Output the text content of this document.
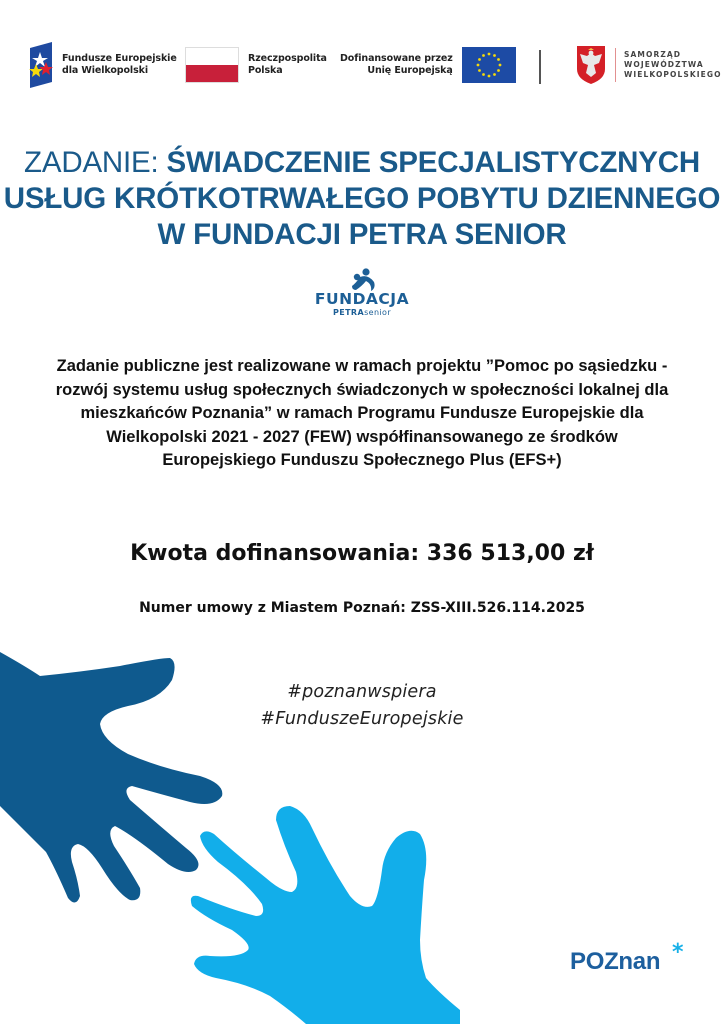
Fundusze Europejskie
dla Wielkopolski
Rzeczpospolita
Polska
Dofinansowane przez
Unię Europejską
SAMORZĄD
WOJEWÓDZTWA
WIELKOPOLSKIEGO
ZADANIE: ŚWIADCZENIE SPECJALISTYCZNYCH
USŁUG KRÓTKOTRWAŁEGO POBYTU DZIENNEGO
W FUNDACJI PETRA SENIOR
FUNDACJA
PETRAsenior
Zadanie publiczne jest realizowane w ramach projektu ”Pomoc po sąsiedzku -
rozwój systemu usług społecznych świadczonych w społeczności lokalnej dla
mieszkańców Poznania” w ramach Programu Fundusze Europejskie dla
Wielkopolski 2021 - 2027 (FEW) współfinansowanego ze środków
Europejskiego Funduszu Społecznego Plus (EFS+)
Kwota dofinansowania: 336 513,00 zł
Numer umowy z Miastem Poznań: ZSS-XIII.526.114.2025
#poznanwspiera
#FunduszeEuropejskie
POZnan *
